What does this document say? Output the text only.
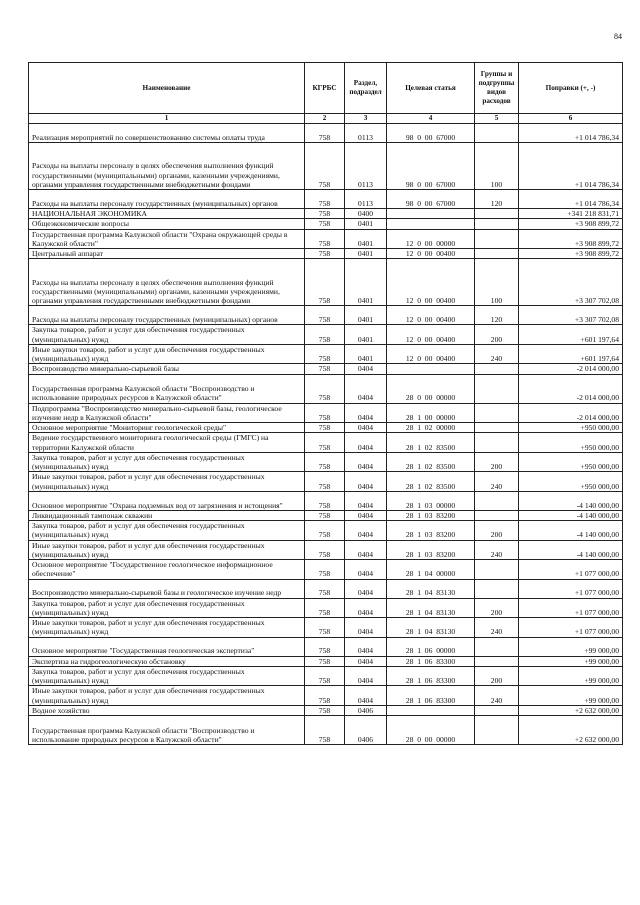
84
Наименование	КГРБС	Раздел, подраздел	Целевая статья	Группы и подгруппы видов расходов	Поправки (+, -)
1	2	3	4	5	6
Реализация мероприятий по совершенствованию системы оплаты труда	758	0113	98  0  00  67000		+1 014 786,34
Расходы на выплаты персоналу в целях обеспечения выполнения функций государственными (муниципальными) органами, казенными учреждениями, органами управления государственными внебюджетными фондами	758	0113	98  0  00  67000	100	+1 014 786,34
Расходы на выплаты персоналу государственных (муниципальных) органов	758	0113	98  0  00  67000	120	+1 014 786,34
НАЦИОНАЛЬНАЯ ЭКОНОМИКА	758	0400			+341 218 831,71
Общеэкономические вопросы	758	0401			+3 908 899,72
Государственная программа Калужской области "Охрана окружающей среды в Калужской области"	758	0401	12  0  00  00000		+3 908 899,72
Центральный аппарат	758	0401	12  0  00  00400		+3 908 899,72
Расходы на выплаты персоналу в целях обеспечения выполнения функций государственными (муниципальными) органами, казенными учреждениями, органами управления государственными внебюджетными фондами	758	0401	12  0  00  00400	100	+3 307 702,08
Расходы на выплаты персоналу государственных (муниципальных) органов	758	0401	12  0  00  00400	120	+3 307 702,08
Закупка товаров, работ и услуг для обеспечения государственных (муниципальных) нужд	758	0401	12  0  00  00400	200	+601 197,64
Иные закупки товаров, работ и услуг для обеспечения государственных (муниципальных) нужд	758	0401	12  0  00  00400	240	+601 197,64
Воспроизводство минерально-сырьевой базы	758	0404			-2 014 000,00
Государственная программа Калужской области "Воспроизводство и использование природных ресурсов в Калужской области"	758	0404	28  0  00  00000		-2 014 000,00
Подпрограмма "Воспроизводство минерально-сырьевой базы, геологическое изучение недр в Калужской области"	758	0404	28  1  00  00000		-2 014 000,00
Основное мероприятие "Мониторинг геологической среды"	758	0404	28  1  02  00000		+950 000,00
Ведение государственного мониторинга геологической среды (ГМГС) на территории Калужской области	758	0404	28  1  02  83500		+950 000,00
Закупка товаров, работ и услуг для обеспечения государственных (муниципальных) нужд	758	0404	28  1  02  83500	200	+950 000,00
Иные закупки товаров, работ и услуг для обеспечения государственных (муниципальных) нужд	758	0404	28  1  02  83500	240	+950 000,00
Основное мероприятие "Охрана подземных вод от загрязнения и истощения"	758	0404	28  1  03  00000		-4 140 000,00
Ликвидационный тампонаж скважин	758	0404	28  1  03  83200		-4 140 000,00
Закупка товаров, работ и услуг для обеспечения государственных (муниципальных) нужд	758	0404	28  1  03  83200	200	-4 140 000,00
Иные закупки товаров, работ и услуг для обеспечения государственных (муниципальных) нужд	758	0404	28  1  03  83200	240	-4 140 000,00
Основное мероприятие "Государственное геологическое информационное обеспечение"	758	0404	28  1  04  00000		+1 077 000,00
Воспроизводство минерально-сырьевой базы и геологическое изучение недр	758	0404	28  1  04  83130		+1 077 000,00
Закупка товаров, работ и услуг для обеспечения государственных (муниципальных) нужд	758	0404	28  1  04  83130	200	+1 077 000,00
Иные закупки товаров, работ и услуг для обеспечения государственных (муниципальных) нужд	758	0404	28  1  04  83130	240	+1 077 000,00
Основное мероприятие "Государственная геологическая экспертиза"	758	0404	28  1  06  00000		+99 000,00
Экспертиза на гидрогеологическую обстановку	758	0404	28  1  06  83300		+99 000,00
Закупка товаров, работ и услуг для обеспечения государственных (муниципальных) нужд	758	0404	28  1  06  83300	200	+99 000,00
Иные закупки товаров, работ и услуг для обеспечения государственных (муниципальных) нужд	758	0404	28  1  06  83300	240	+99 000,00
Водное хозяйство	758	0406			+2 632 000,00
Государственная программа Калужской области "Воспроизводство и использование природных ресурсов в Калужской области"	758	0406	28  0  00  00000		+2 632 000,00
